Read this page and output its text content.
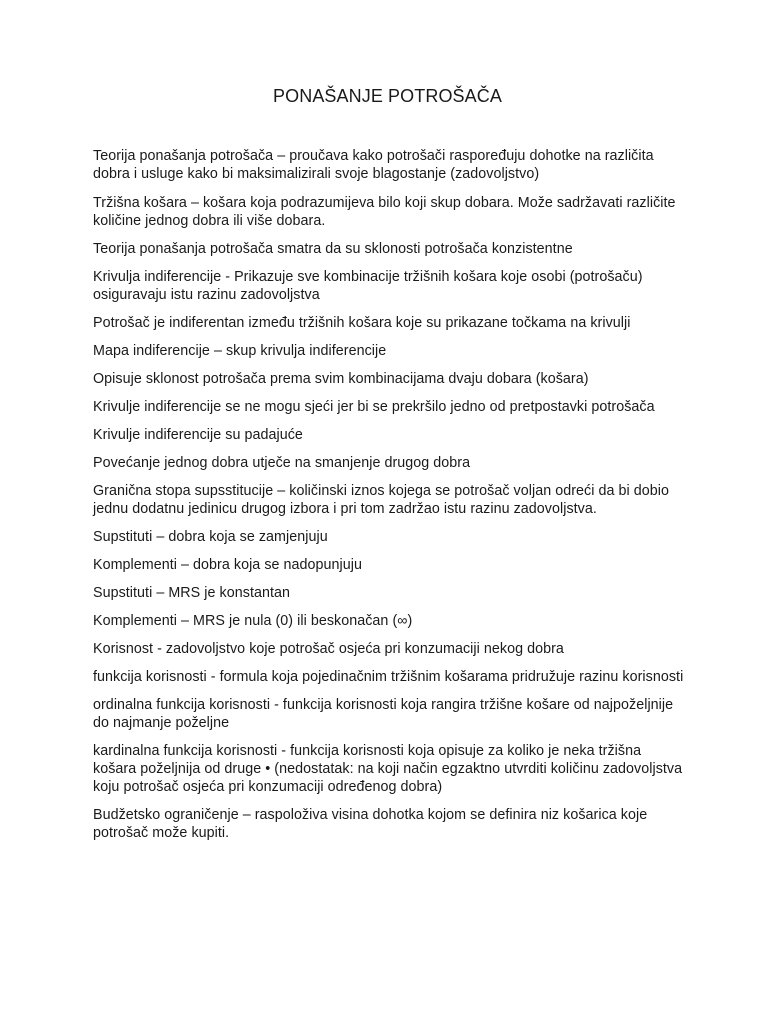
PONAŠANJE POTROŠAČA

Teorija ponašanja potrošača – proučava kako potrošači raspoređuju dohotke na različita dobra i usluge kako bi maksimalizirali svoje blagostanje (zadovoljstvo)

Tržišna košara – košara koja podrazumijeva bilo koji skup dobara. Može sadržavati različite količine jednog dobra ili više dobara.

Teorija ponašanja potrošača smatra da su sklonosti potrošača konzistentne

Krivulja indiferencije - Prikazuje sve kombinacije tržišnih košara koje osobi (potrošaču) osiguravaju istu razinu zadovoljstva

Potrošač je indiferentan između tržišnih košara koje su prikazane točkama na krivulji

Mapa indiferencije – skup krivulja indiferencije

Opisuje sklonost potrošača prema svim kombinacijama dvaju dobara (košara)

Krivulje indiferencije se ne mogu sjeći jer bi se prekršilo jedno od pretpostavki potrošača

Krivulje indiferencije su padajuće

Povećanje jednog dobra utječe na smanjenje drugog dobra

Granična stopa supsstitucije – količinski iznos kojega se potrošač voljan odreći da bi dobio jednu dodatnu jedinicu drugog izbora i pri tom zadržao istu razinu zadovoljstva.

Supstituti – dobra koja se zamjenjuju

Komplementi – dobra koja se nadopunjuju

Supstituti – MRS je konstantan

Komplementi – MRS je nula (0) ili beskonačan (∞)

Korisnost - zadovoljstvo koje potrošač osjeća pri konzumaciji nekog dobra

funkcija korisnosti - formula koja pojedinačnim tržišnim košarama pridružuje razinu korisnosti

ordinalna funkcija korisnosti - funkcija korisnosti koja rangira tržišne košare od najpoželjnije do najmanje poželjne

kardinalna funkcija korisnosti - funkcija korisnosti koja opisuje za koliko je neka tržišna košara poželjnija od druge • (nedostatak: na koji način egzaktno utvrditi količinu zadovoljstva koju potrošač osjeća pri konzumaciji određenog dobra)

Budžetsko ograničenje – raspoloživa visina dohotka kojom se definira niz košarica koje potrošač može kupiti.
